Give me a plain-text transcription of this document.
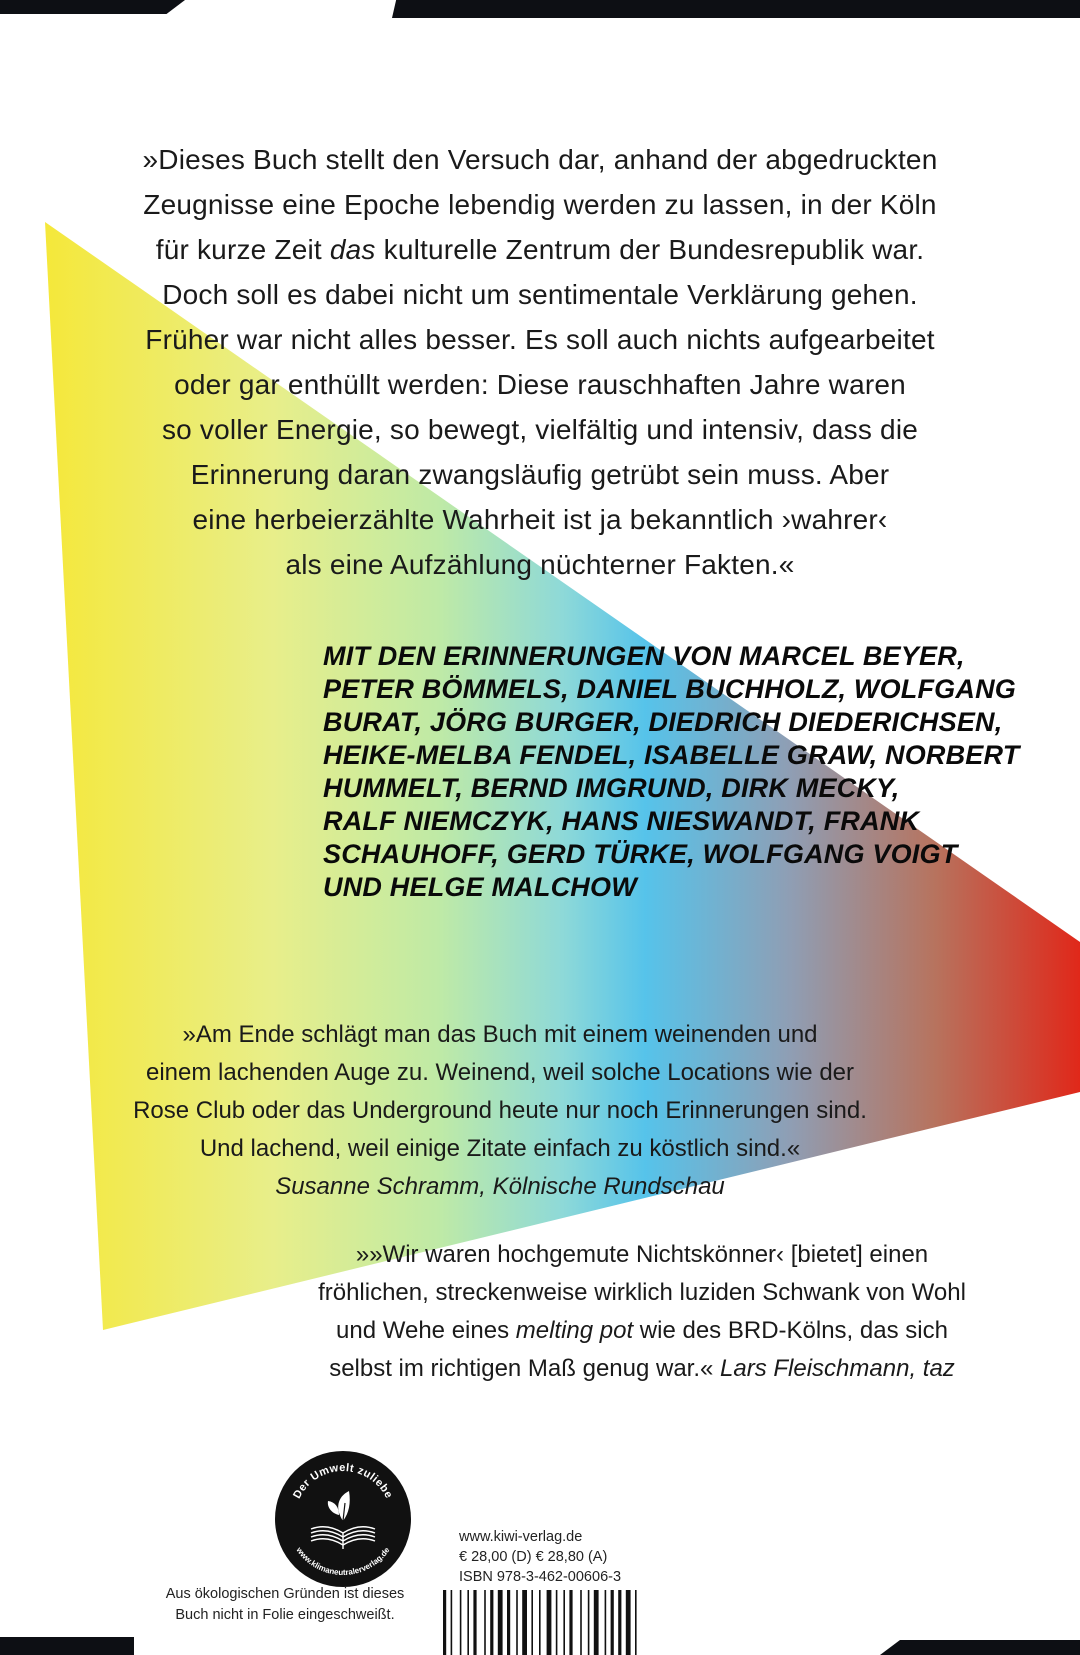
»Dieses Buch stellt den Versuch dar, anhand der abgedruckten
Zeugnisse eine Epoche lebendig werden zu lassen, in der Köln
für kurze Zeit das kulturelle Zentrum der Bundesrepublik war.
Doch soll es dabei nicht um sentimentale Verklärung gehen.
Früher war nicht alles besser. Es soll auch nichts aufgearbeitet
oder gar enthüllt werden: Diese rauschhaften Jahre waren
so voller Energie, so bewegt, vielfältig und intensiv, dass die
Erinnerung daran zwangsläufig getrübt sein muss. Aber
eine herbeierzählte Wahrheit ist ja bekanntlich ›wahrer‹
als eine Aufzählung nüchterner Fakten.«
MIT DEN ERINNERUNGEN VON MARCEL BEYER,
PETER BÖMMELS, DANIEL BUCHHOLZ, WOLFGANG
BURAT, JÖRG BURGER, DIEDRICH DIEDERICHSEN,
HEIKE-MELBA FENDEL, ISABELLE GRAW, NORBERT
HUMMELT, BERND IMGRUND, DIRK MECKY,
RALF NIEMCZYK, HANS NIESWANDT, FRANK
SCHAUHOFF, GERD TÜRKE, WOLFGANG VOIGT
UND HELGE MALCHOW
»Am Ende schlägt man das Buch mit einem weinenden und
einem lachenden Auge zu. Weinend, weil solche Locations wie der
Rose Club oder das Underground heute nur noch Erinnerungen sind.
Und lachend, weil einige Zitate einfach zu köstlich sind.«
Susanne Schramm, Kölnische Rundschau
»»Wir waren hochgemute Nichtskönner‹ [bietet] einen
fröhlichen, streckenweise wirklich luziden Schwank von Wohl
und Wehe eines melting pot wie des BRD-Kölns, das sich
selbst im richtigen Maß genug war.« Lars Fleischmann, taz
Der Umwelt zuliebe
www.klimaneutralerverlag.de
Aus ökologischen Gründen ist dieses
Buch nicht in Folie eingeschweißt.
www.kiwi-verlag.de
€ 28,00 (D) € 28,80 (A)
ISBN 978-3-462-00606-3
